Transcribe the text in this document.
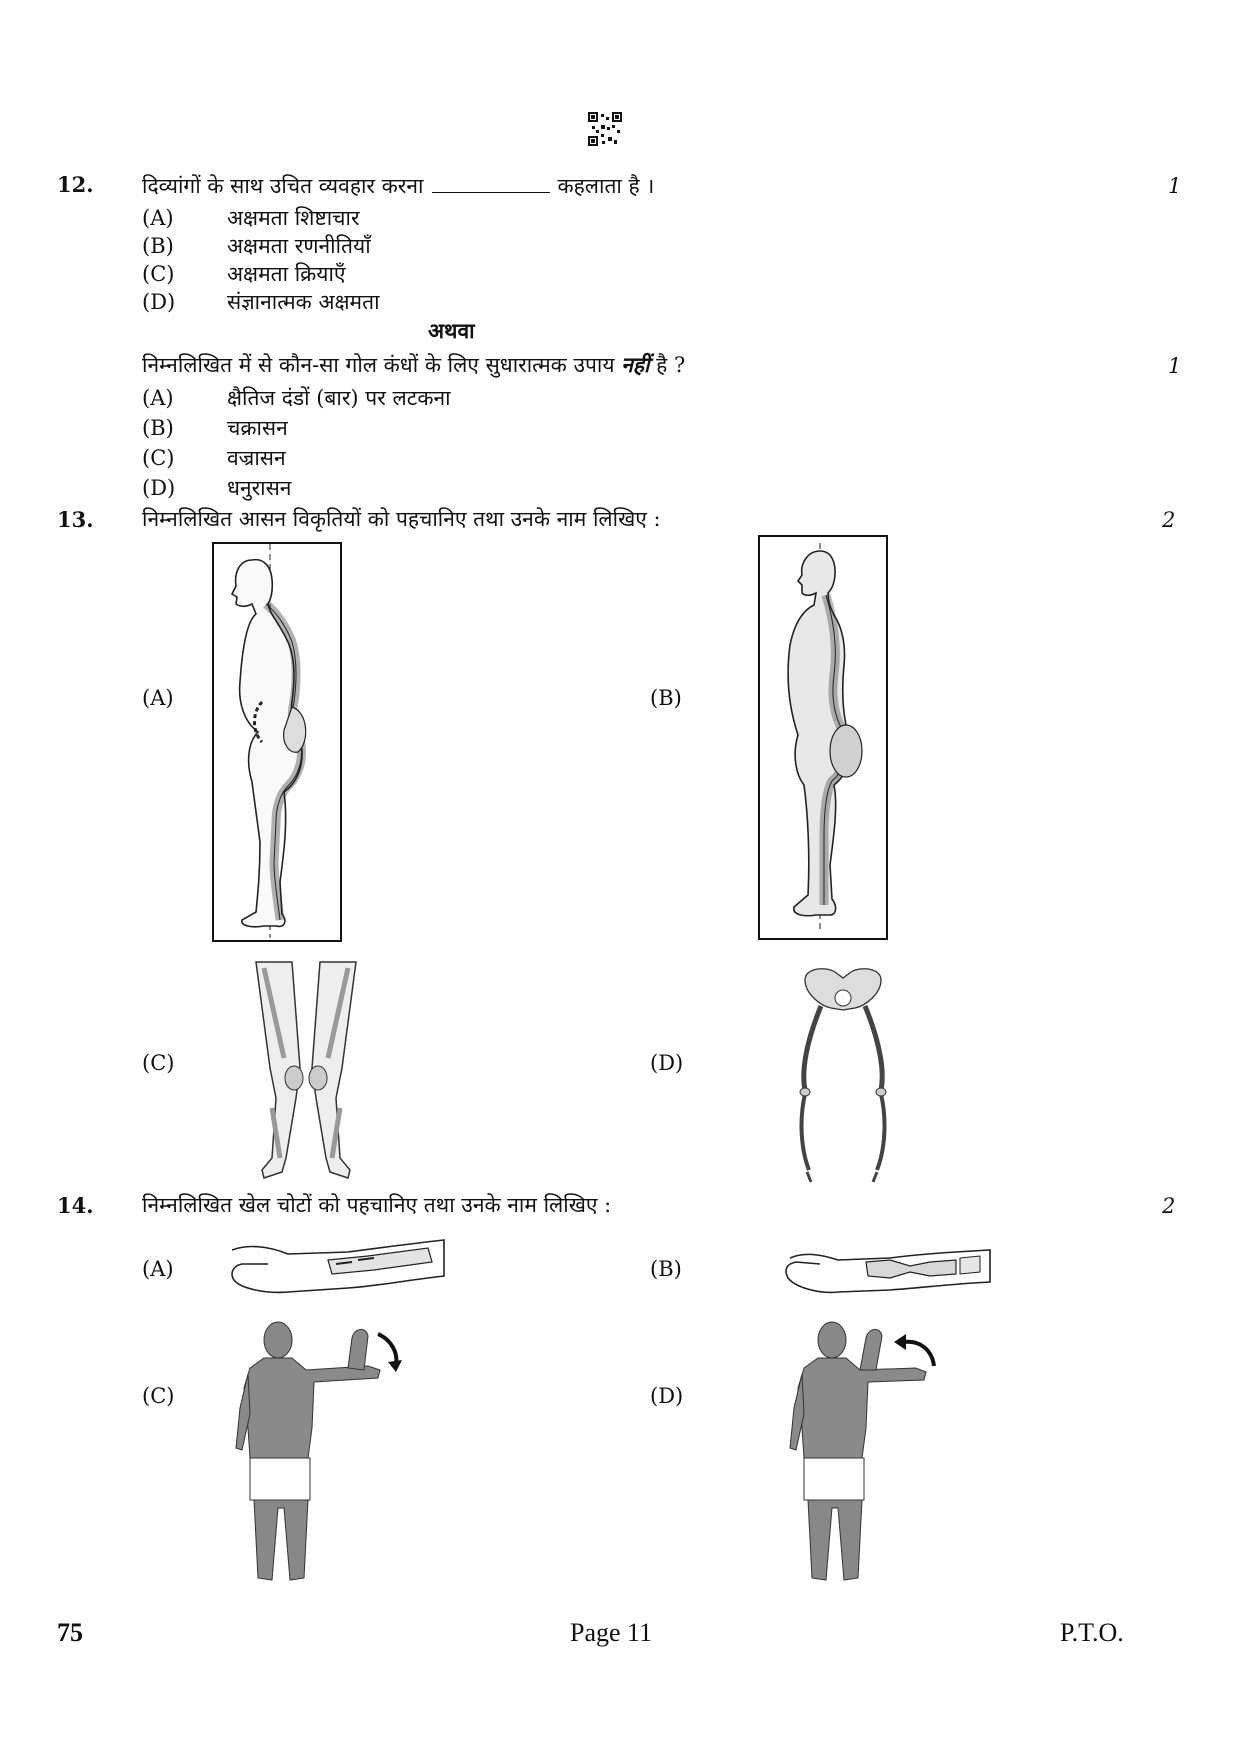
12. दिव्यांगों के साथ उचित व्यवहार करना	कहलाता है ।	1
(A)	अक्षमता शिष्टाचार
(B)	अक्षमता रणनीतियाँ
(C)	अक्षमता क्रियाएँ
(D) संज्ञानात्मक अक्षमता
अथवा
निम्नलिखित में से कौन-सा गोल कंधों के लिए सुधारात्मक उपाय नहीं है ?	1
(A)	क्षैतिज दंडों (बार) पर लटकना
(B)	चक्रासन
(C)	वज्रासन
(D) धनुरासन
13. निम्नलिखित आसन विकृतियों को पहचानिए तथा उनके नाम लिखिए :	2
(A)	(B)
(C)	(D)
14. निम्नलिखित खेल चोटों को पहचानिए तथा उनके नाम लिखिए :	2
(A)	(B)
(C)	(D)
75	Page 11	P.T.O.
